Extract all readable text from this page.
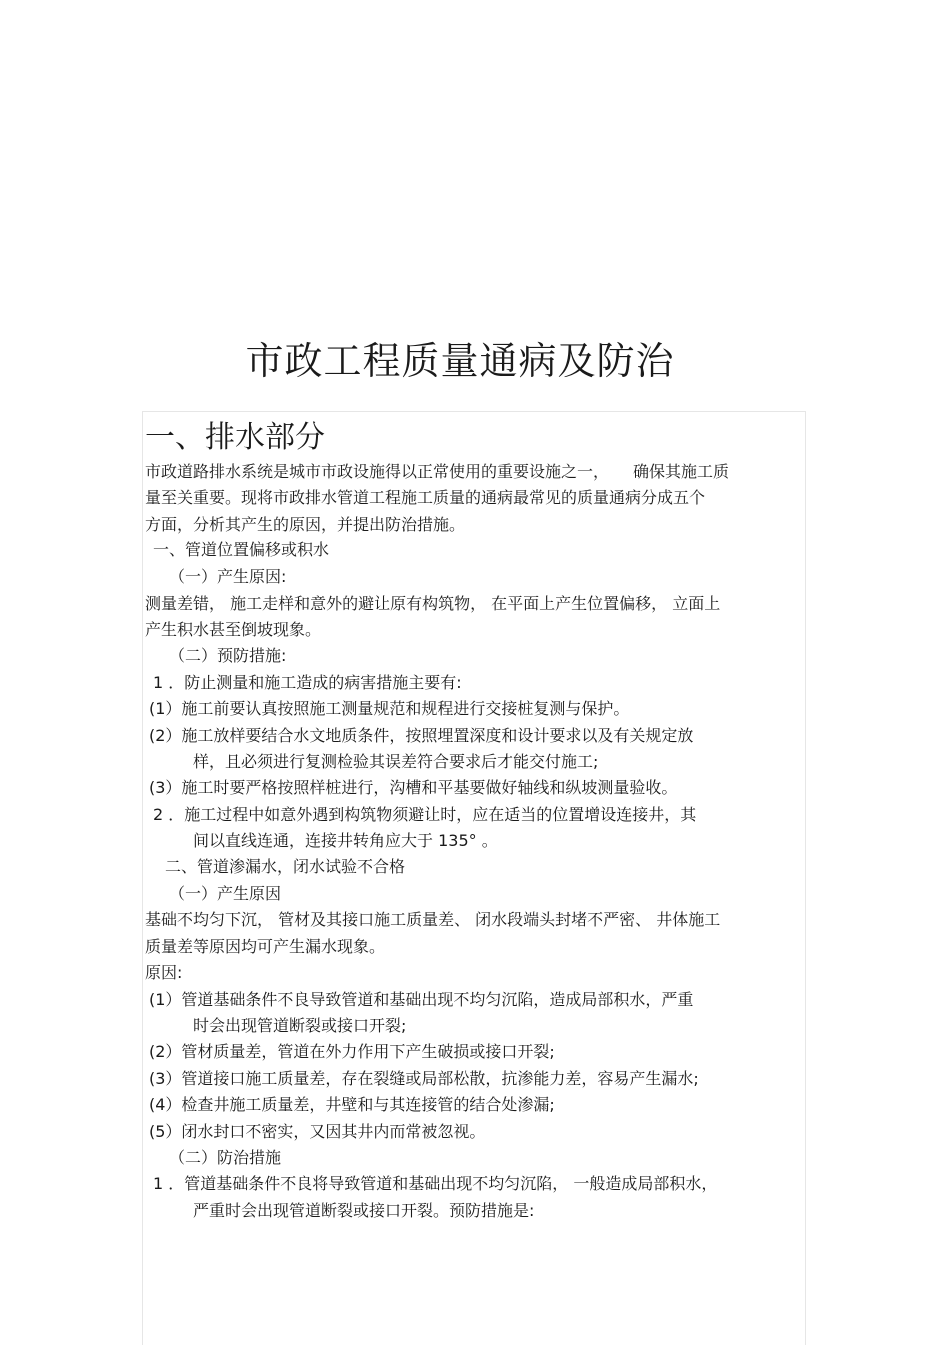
市政工程质量通病及防治
一、排水部分
市政道路排水系统是城市市政设施得以正常使用的重要设施之一，　　确保其施工质
量至关重要。现将市政排水管道工程施工质量的通病最常见的质量通病分成五个
方面，分析其产生的原因，并提出防治措施。
一、管道位置偏移或积水
（一）产生原因:
测量差错， 施工走样和意外的避让原有构筑物， 在平面上产生位置偏移， 立面上
产生积水甚至倒坡现象。
（二）预防措施:
1 ．防止测量和施工造成的病害措施主要有:
(1）施工前要认真按照施工测量规范和规程进行交接桩复测与保护。
(2）施工放样要结合水文地质条件，按照埋置深度和设计要求以及有关规定放
样，且必须进行复测检验其误差符合要求后才能交付施工;
(3）施工时要严格按照样桩进行，沟槽和平基要做好轴线和纵坡测量验收。
2 ．施工过程中如意外遇到构筑物须避让时，应在适当的位置增设连接井，其
间以直线连通，连接井转角应大于 135° 。
二、管道渗漏水，闭水试验不合格
（一）产生原因
基础不均匀下沉， 管材及其接口施工质量差、 闭水段端头封堵不严密、 井体施工
质量差等原因均可产生漏水现象。
原因:
(1）管道基础条件不良导致管道和基础出现不均匀沉陷，造成局部积水，严重
时会出现管道断裂或接口开裂;
(2）管材质量差，管道在外力作用下产生破损或接口开裂;
(3）管道接口施工质量差，存在裂缝或局部松散，抗渗能力差，容易产生漏水;
(4）检查井施工质量差，井壁和与其连接管的结合处渗漏;
(5）闭水封口不密实，又因其井内而常被忽视。
（二）防治措施
1 ．管道基础条件不良将导致管道和基础出现不均匀沉陷， 一般造成局部积水，
严重时会出现管道断裂或接口开裂。预防措施是:
